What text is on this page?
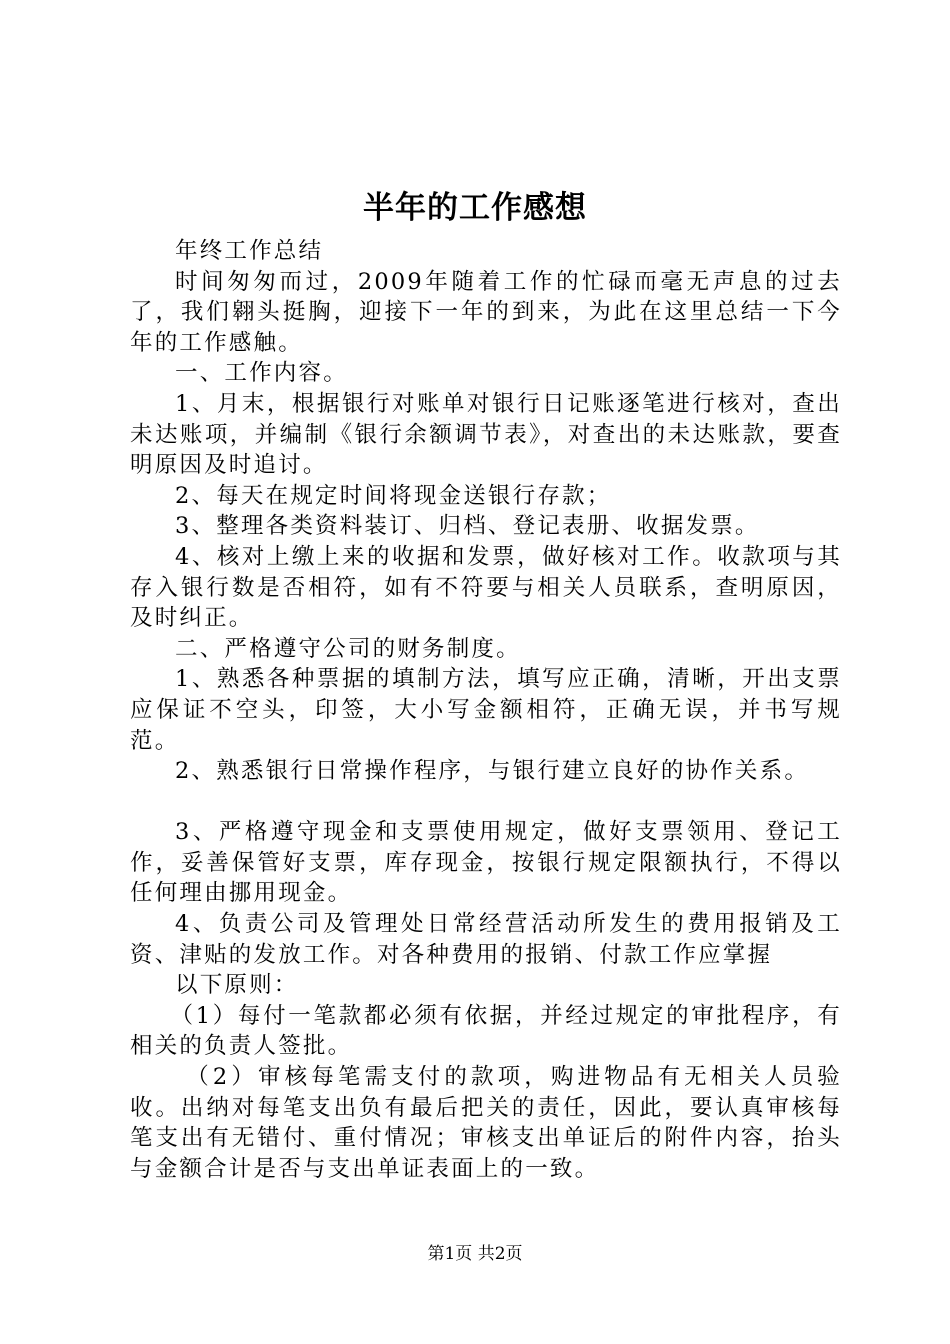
半年的工作感想

年终工作总结

时间匆匆而过，2009年随着工作的忙碌而毫无声息的过去了，我们翱头挺胸，迎接下一年的到来，为此在这里总结一下今年的工作感触。

一、工作内容。

1、月末，根据银行对账单对银行日记账逐笔进行核对，查出未达账项，并编制《银行余额调节表》，对查出的未达账款，要查明原因及时追讨。

2、每天在规定时间将现金送银行存款；

3、整理各类资料装订、归档、登记表册、收据发票。

4、核对上缴上来的收据和发票，做好核对工作。收款项与其存入银行数是否相符，如有不符要与相关人员联系，查明原因，及时纠正。

二、严格遵守公司的财务制度。

1、熟悉各种票据的填制方法，填写应正确，清晰，开出支票应保证不空头，印签，大小写金额相符，正确无误，并书写规范。

2、熟悉银行日常操作程序，与银行建立良好的协作关系。

3、严格遵守现金和支票使用规定，做好支票领用、登记工作，妥善保管好支票，库存现金，按银行规定限额执行，不得以任何理由挪用现金。

4、负责公司及管理处日常经营活动所发生的费用报销及工资、津贴的发放工作。对各种费用的报销、付款工作应掌握

以下原则：

（1）每付一笔款都必须有依据，并经过规定的审批程序，有相关的负责人签批。

（2）审核每笔需支付的款项，购进物品有无相关人员验收。出纳对每笔支出负有最后把关的责任，因此，要认真审核每笔支出有无错付、重付情况；审核支出单证后的附件内容，抬头与金额合计是否与支出单证表面上的一致。

第1页 共2页
